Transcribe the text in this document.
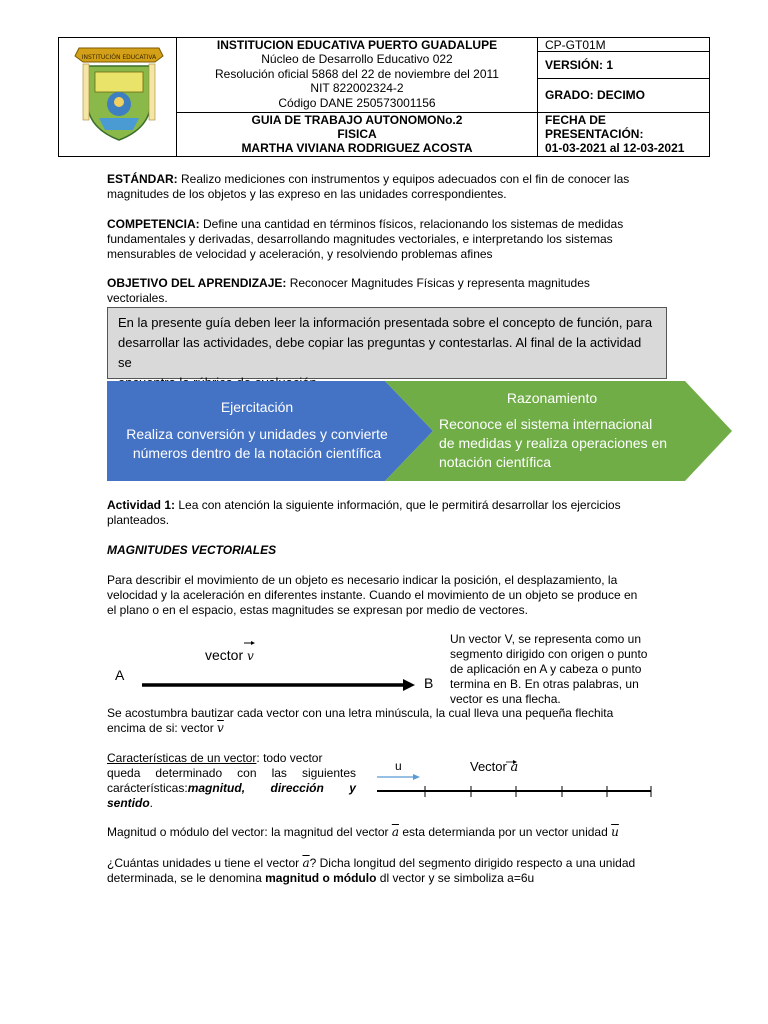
INSTITUCIÓN EDUCATIVA
INSTITUCION EDUCATIVA PUERTO GUADALUPE
Núcleo de Desarrollo Educativo 022
Resolución oficial 5868 del 22 de noviembre del 2011
NIT 822002324-2
Código DANE 250573001156
GUIA DE TRABAJO AUTONOMONo.2
FISICA
MARTHA VIVIANA RODRIGUEZ ACOSTA
CP-GT01M
VERSIÓN: 1
GRADO: DECIMO
FECHA DE
PRESENTACIÓN:
01-03-2021 al 12-03-2021
ESTÁNDAR: Realizo mediciones con instrumentos y equipos adecuados con el fin de conocer las
magnitudes de los objetos y las expreso en las unidades correspondientes.
COMPETENCIA: Define una cantidad en términos físicos, relacionando los sistemas de medidas
fundamentales y derivadas, desarrollando magnitudes vectoriales, e interpretando los sistemas
mensurables de velocidad y aceleración, y resolviendo problemas afines
OBJETIVO DEL APRENDIZAJE: Reconocer Magnitudes Físicas y representa magnitudes
vectoriales.
En la presente guía deben leer la información presentada sobre el concepto de función, para
desarrollar las actividades, debe copiar las preguntas y contestarlas. Al final de la actividad se
Ejercitación
Realiza conversión y unidades y convierte
números dentro de la notación científica
Razonamiento
Reconoce el sistema internacional
de medidas y realiza operaciones en
notación científica
Actividad 1: Lea con atención la siguiente información, que le permitirá desarrollar los ejercicios
planteados.
MAGNITUDES VECTORIALES
Para describir el movimiento de un objeto es necesario indicar la posición, el desplazamiento, la
velocidad y la aceleración en diferentes instante. Cuando el movimiento de un objeto se produce en
el plano o en el espacio, estas magnitudes se expresan por medio de vectores.
vector v
A	B
Un vector V, se representa como un
segmento dirigido con origen o punto
de aplicación en A y cabeza o punto
termina en B. En otras palabras, un
vector es una flecha.
Se acostumbra bautizar cada vector con una letra minúscula, la cual lleva una pequeña flechita
encima de si: vector $\overline{v}$
Características de un vector: todo vector
queda determinado con las siguientes
carácterísticas:magnitud, dirección y
sentido.
u	Vector a
Magnitud o módulo del vector: la magnitud del vector $\overline{a}$ esta determianda por un vector unidad $\overline{u}$
¿Cuántas unidades u tiene el vector $\overline{a}$? Dicha longitud del segmento dirigido respecto a una unidad
determinada, se le denomina magnitud o módulo dl vector y se simboliza a=6u
